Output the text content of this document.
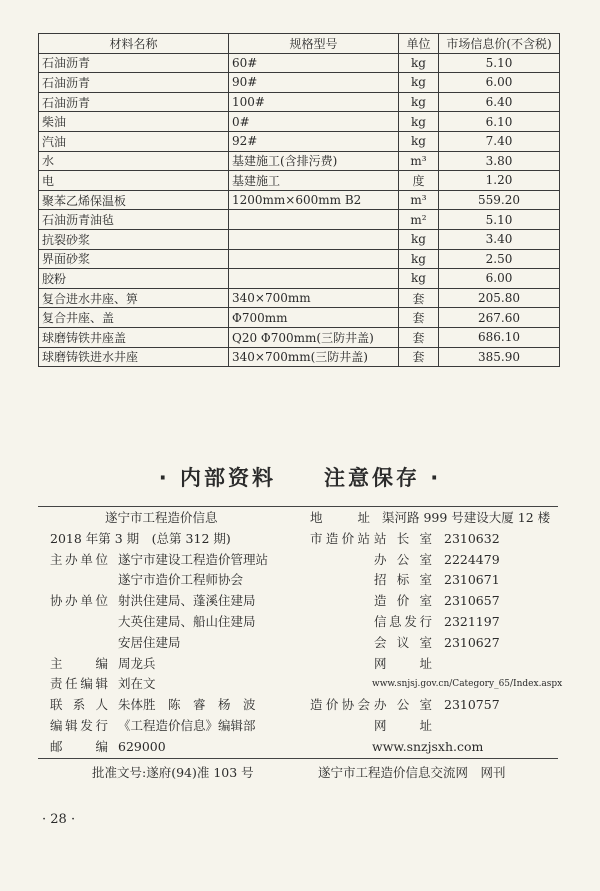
材料名称	规格型号	单位	市场信息价(不含税)
石油沥青	60#	kg	5.10
石油沥青	90#	kg	6.00
石油沥青	100#	kg	6.40
柴油	0#	kg	6.10
汽油	92#	kg	7.40
水	基建施工(含排污费)	m³	3.80
电	基建施工	度	1.20
聚苯乙烯保温板	1200mm×600mm B2	m³	559.20
石油沥青油毡		m²	5.10
抗裂砂浆		kg	3.40
界面砂浆		kg	2.50
胶粉		kg	6.00
复合进水井座、箅	340×700mm	套	205.80
复合井座、盖	Φ700mm	套	267.60
球磨铸铁井座盖	Q20 Φ700mm(三防井盖)	套	686.10
球磨铸铁进水井座	340×700mm(三防井盖)	套	385.90
· 内部资料　　注意保存 ·
遂宁市工程造价信息
2018 年第 3 期　(总第 312 期)
主办单位 遂宁市建设工程造价管理站
遂宁市造价工程师协会
协办单位 射洪住建局、蓬溪住建局
大英住建局、船山住建局
安居住建局
主　　编 周龙兵
责任编辑 刘在文
联 系 人 朱体胜　陈　睿　杨　波
编辑发行 《工程造价信息》编辑部
邮　　编 629000
地　　址 渠河路 999 号建设大厦 12 楼
市造价站 站 长 室 2310632
办 公 室 2224479
招 标 室 2310671
造 价 室 2310657
信息发行 2321197
会 议 室 2310627
网　　址
www.snjsj.gov.cn/Category_65/Index.aspx
造价协会 办 公 室 2310757
网　　址
www.snzjsxh.com
批准文号:遂府(94)准 103 号	遂宁市工程造价信息交流网　网刊
· 28 ·
